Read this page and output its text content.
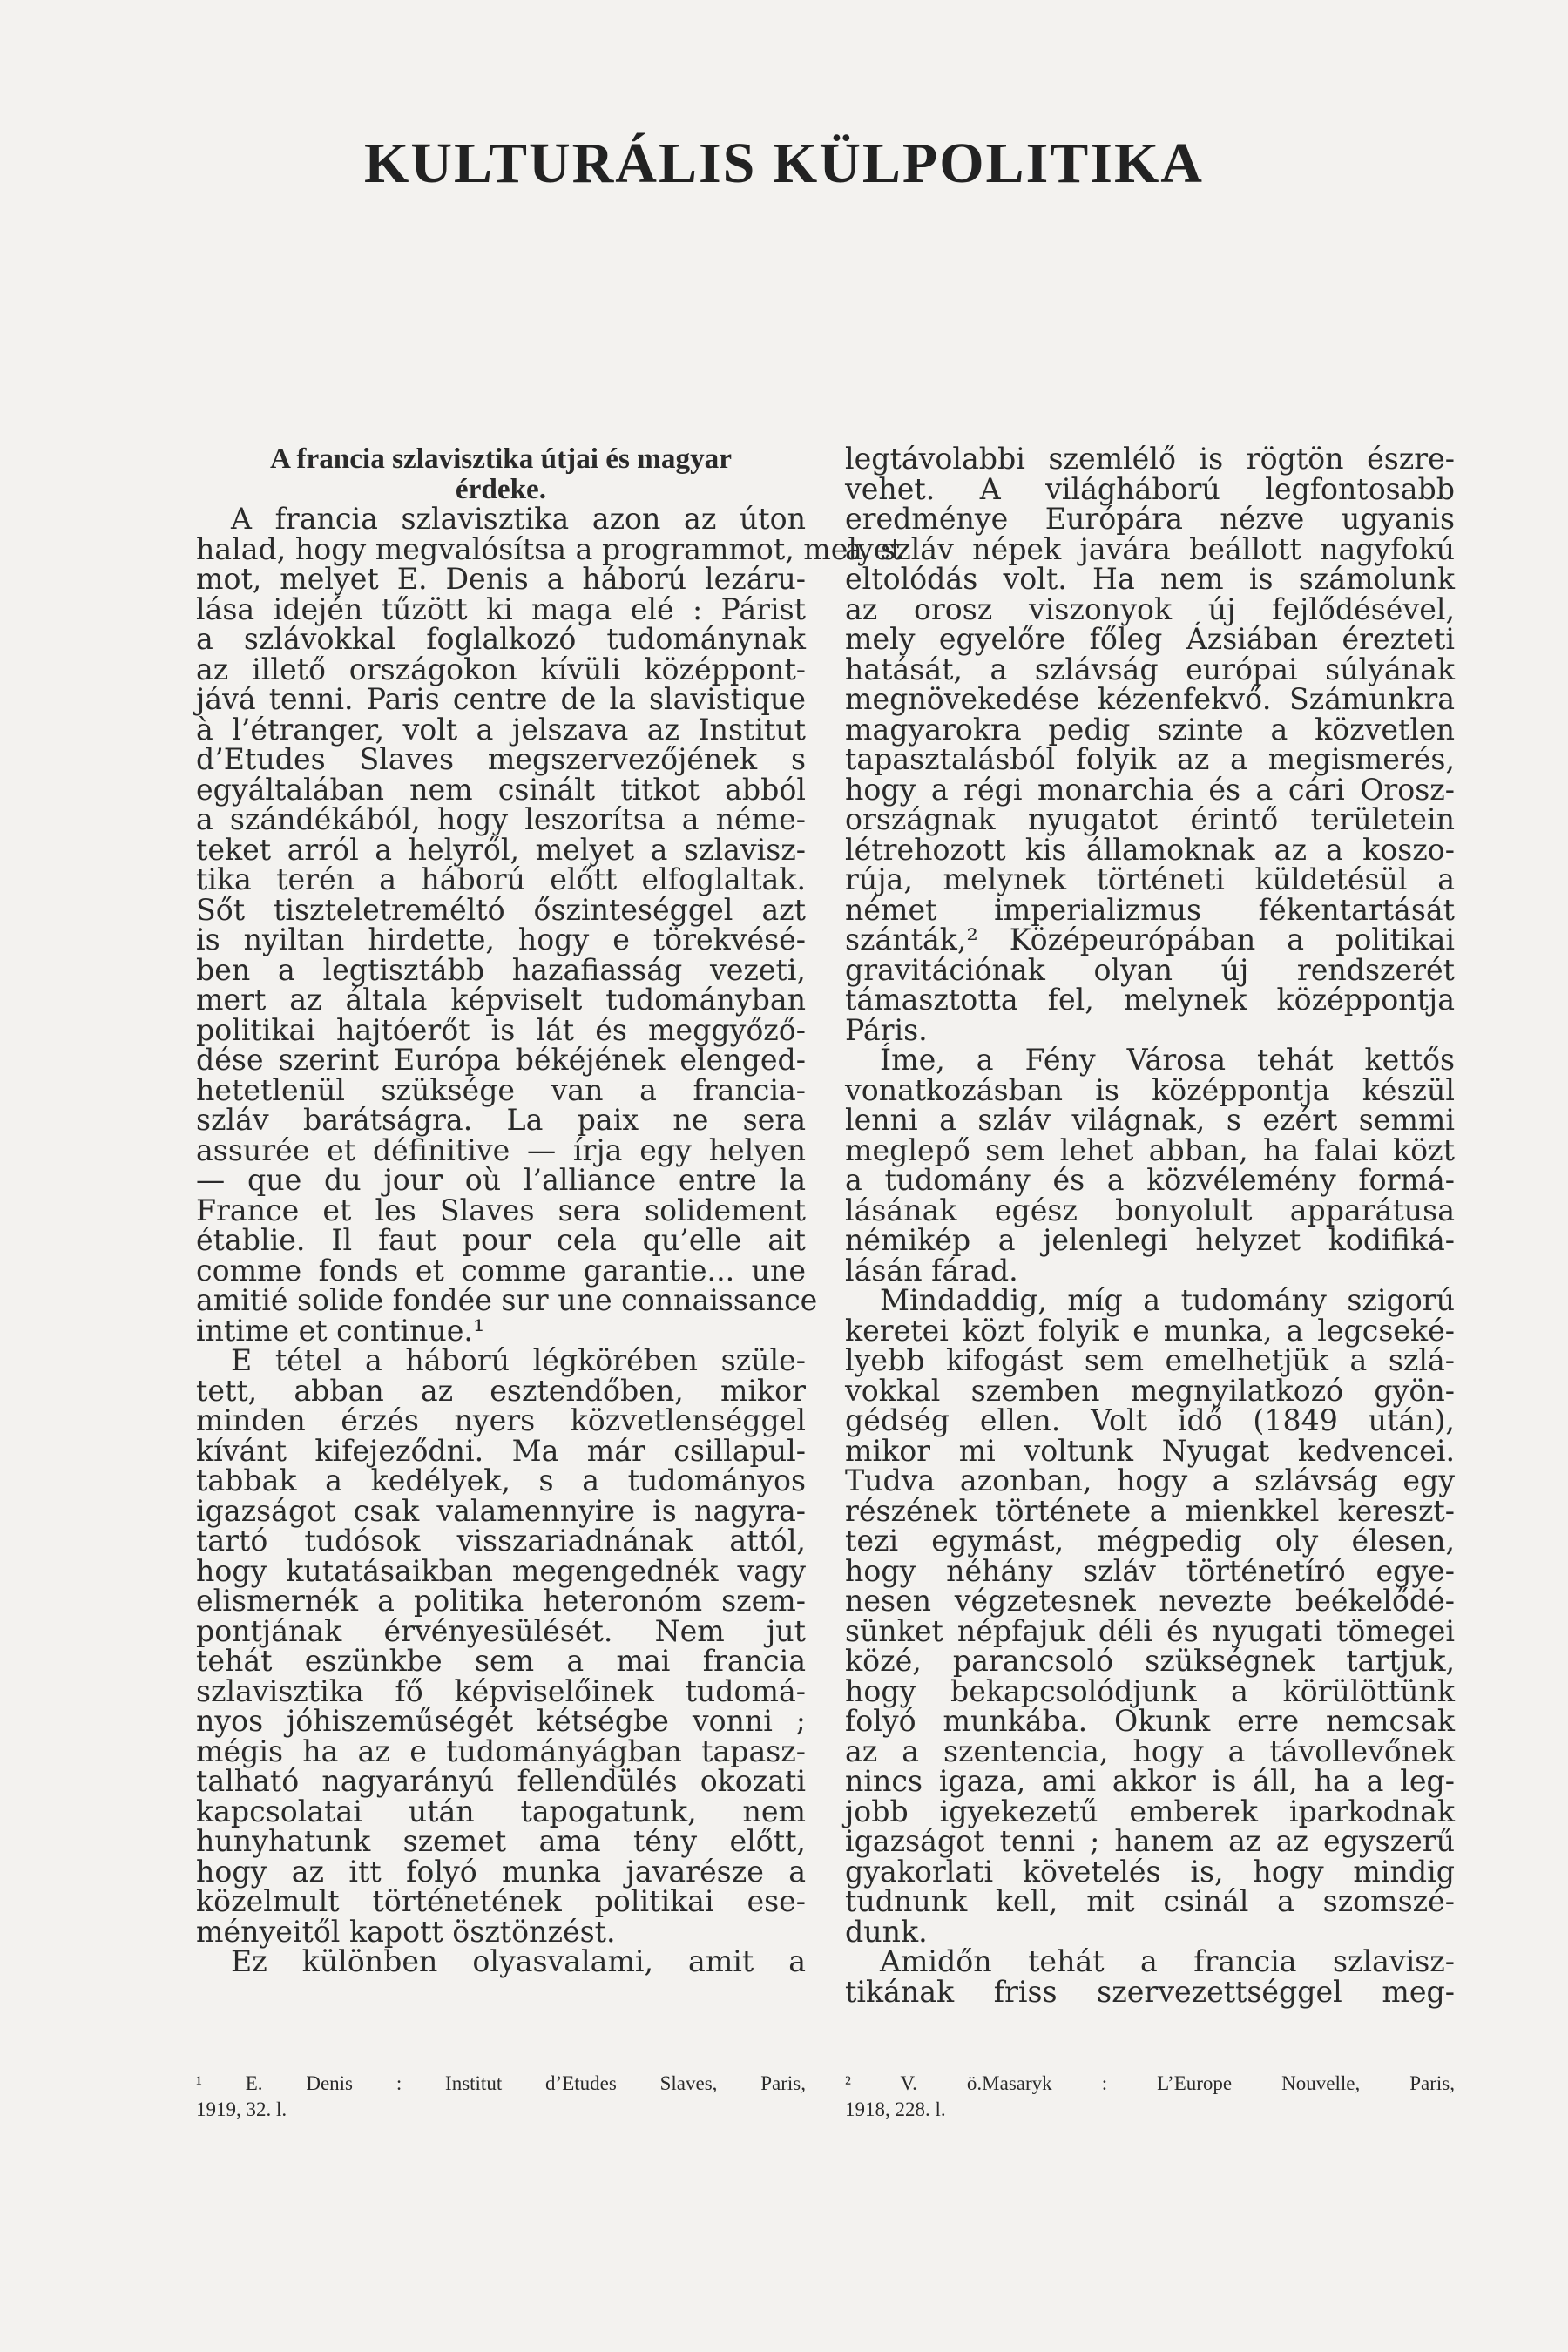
KULTURÁLIS KÜLPOLITIKA
A francia szlavisztika útjai és magyar
érdeke.
A francia szlavisztika azon az úton
halad, hogy megvalósítsa a programmot, melyet
mot, melyet E. Denis a háború lezáru-
lása idején tűzött ki maga elé : Párist
a szlávokkal foglalkozó tudománynak
az illető országokon kívüli középpont-
jává tenni. Paris centre de la slavistique
à l’étranger, volt a jelszava az Institut
d’Etudes Slaves megszervezőjének s
egyáltalában nem csinált titkot abból
a szándékából, hogy leszorítsa a néme-
teket arról a helyről, melyet a szlavisz-
tika terén a háború előtt elfoglaltak.
Sőt tiszteletreméltó őszinteséggel azt
is nyiltan hirdette, hogy e törekvésé-
ben a legtisztább hazafiasság vezeti,
mert az általa képviselt tudományban
politikai hajtóerőt is lát és meggyőző-
dése szerint Európa békéjének elenged-
hetetlenül szüksége van a francia-
szláv barátságra. La paix ne sera
assurée et définitive — írja egy helyen
— que du jour où l’alliance entre la
France et les Slaves sera solidement
établie. Il faut pour cela qu’elle ait
comme fonds et comme garantie... une
amitié solide fondée sur une connaissance
intime et continue.¹
E tétel a háború légkörében szüle-
tett, abban az esztendőben, mikor
minden érzés nyers közvetlenséggel
kívánt kifejeződni. Ma már csillapul-
tabbak a kedélyek, s a tudományos
igazságot csak valamennyire is nagyra-
tartó tudósok visszariadnának attól,
hogy kutatásaikban megengednék vagy
elismernék a politika heteronóm szem-
pontjának érvényesülését. Nem jut
tehát eszünkbe sem a mai francia
szlavisztika fő képviselőinek tudomá-
nyos jóhiszeműségét kétségbe vonni ;
mégis ha az e tudományágban tapasz-
talható nagyarányú fellendülés okozati
kapcsolatai után tapogatunk, nem
hunyhatunk szemet ama tény előtt,
hogy az itt folyó munka javarésze a
közelmult történetének politikai ese-
ményeitől kapott ösztönzést.
Ez különben olyasvalami, amit a
legtávolabbi szemlélő is rögtön észre-
vehet. A világháború legfontosabb
eredménye Európára nézve ugyanis
a szláv népek javára beállott nagyfokú
eltolódás volt. Ha nem is számolunk
az orosz viszonyok új fejlődésével,
mely egyelőre főleg Ázsiában érezteti
hatását, a szlávság európai súlyának
megnövekedése kézenfekvő. Számunkra
magyarokra pedig szinte a közvetlen
tapasztalásból folyik az a megismerés,
hogy a régi monarchia és a cári Orosz-
országnak nyugatot érintő területein
létrehozott kis államoknak az a koszo-
rúja, melynek történeti küldetésül a
német imperializmus fékentartását
szánták,² Középeurópában a politikai
gravitációnak olyan új rendszerét
támasztotta fel, melynek középpontja
Páris.
Íme, a Fény Városa tehát kettős
vonatkozásban is középpontja készül
lenni a szláv világnak, s ezért semmi
meglepő sem lehet abban, ha falai közt
a tudomány és a közvélemény formá-
lásának egész bonyolult apparátusa
némikép a jelenlegi helyzet kodifiká-
lásán fárad.
Mindaddig, míg a tudomány szigorú
keretei közt folyik e munka, a legcseké-
lyebb kifogást sem emelhetjük a szlá-
vokkal szemben megnyilatkozó gyön-
gédség ellen. Volt idő (1849 után),
mikor mi voltunk Nyugat kedvencei.
Tudva azonban, hogy a szlávság egy
részének története a mienkkel kereszt-
tezi egymást, mégpedig oly élesen,
hogy néhány szláv történetíró egye-
nesen végzetesnek nevezte beékelődé-
sünket népfajuk déli és nyugati tömegei
közé, parancsoló szükségnek tartjuk,
hogy bekapcsolódjunk a körülöttünk
folyó munkába. Okunk erre nemcsak
az a szentencia, hogy a távollevőnek
nincs igaza, ami akkor is áll, ha a leg-
jobb igyekezetű emberek iparkodnak
igazságot tenni ; hanem az az egyszerű
gyakorlati követelés is, hogy mindig
tudnunk kell, mit csinál a szomszé-
dunk.
Amidőn tehát a francia szlavisz-
tikának friss szervezettséggel meg-
¹ E. Denis : Institut d’Etudes Slaves, Paris,
1919, 32. l.
² V. ö.Masaryk : L’Europe Nouvelle, Paris,
1918, 228. l.
